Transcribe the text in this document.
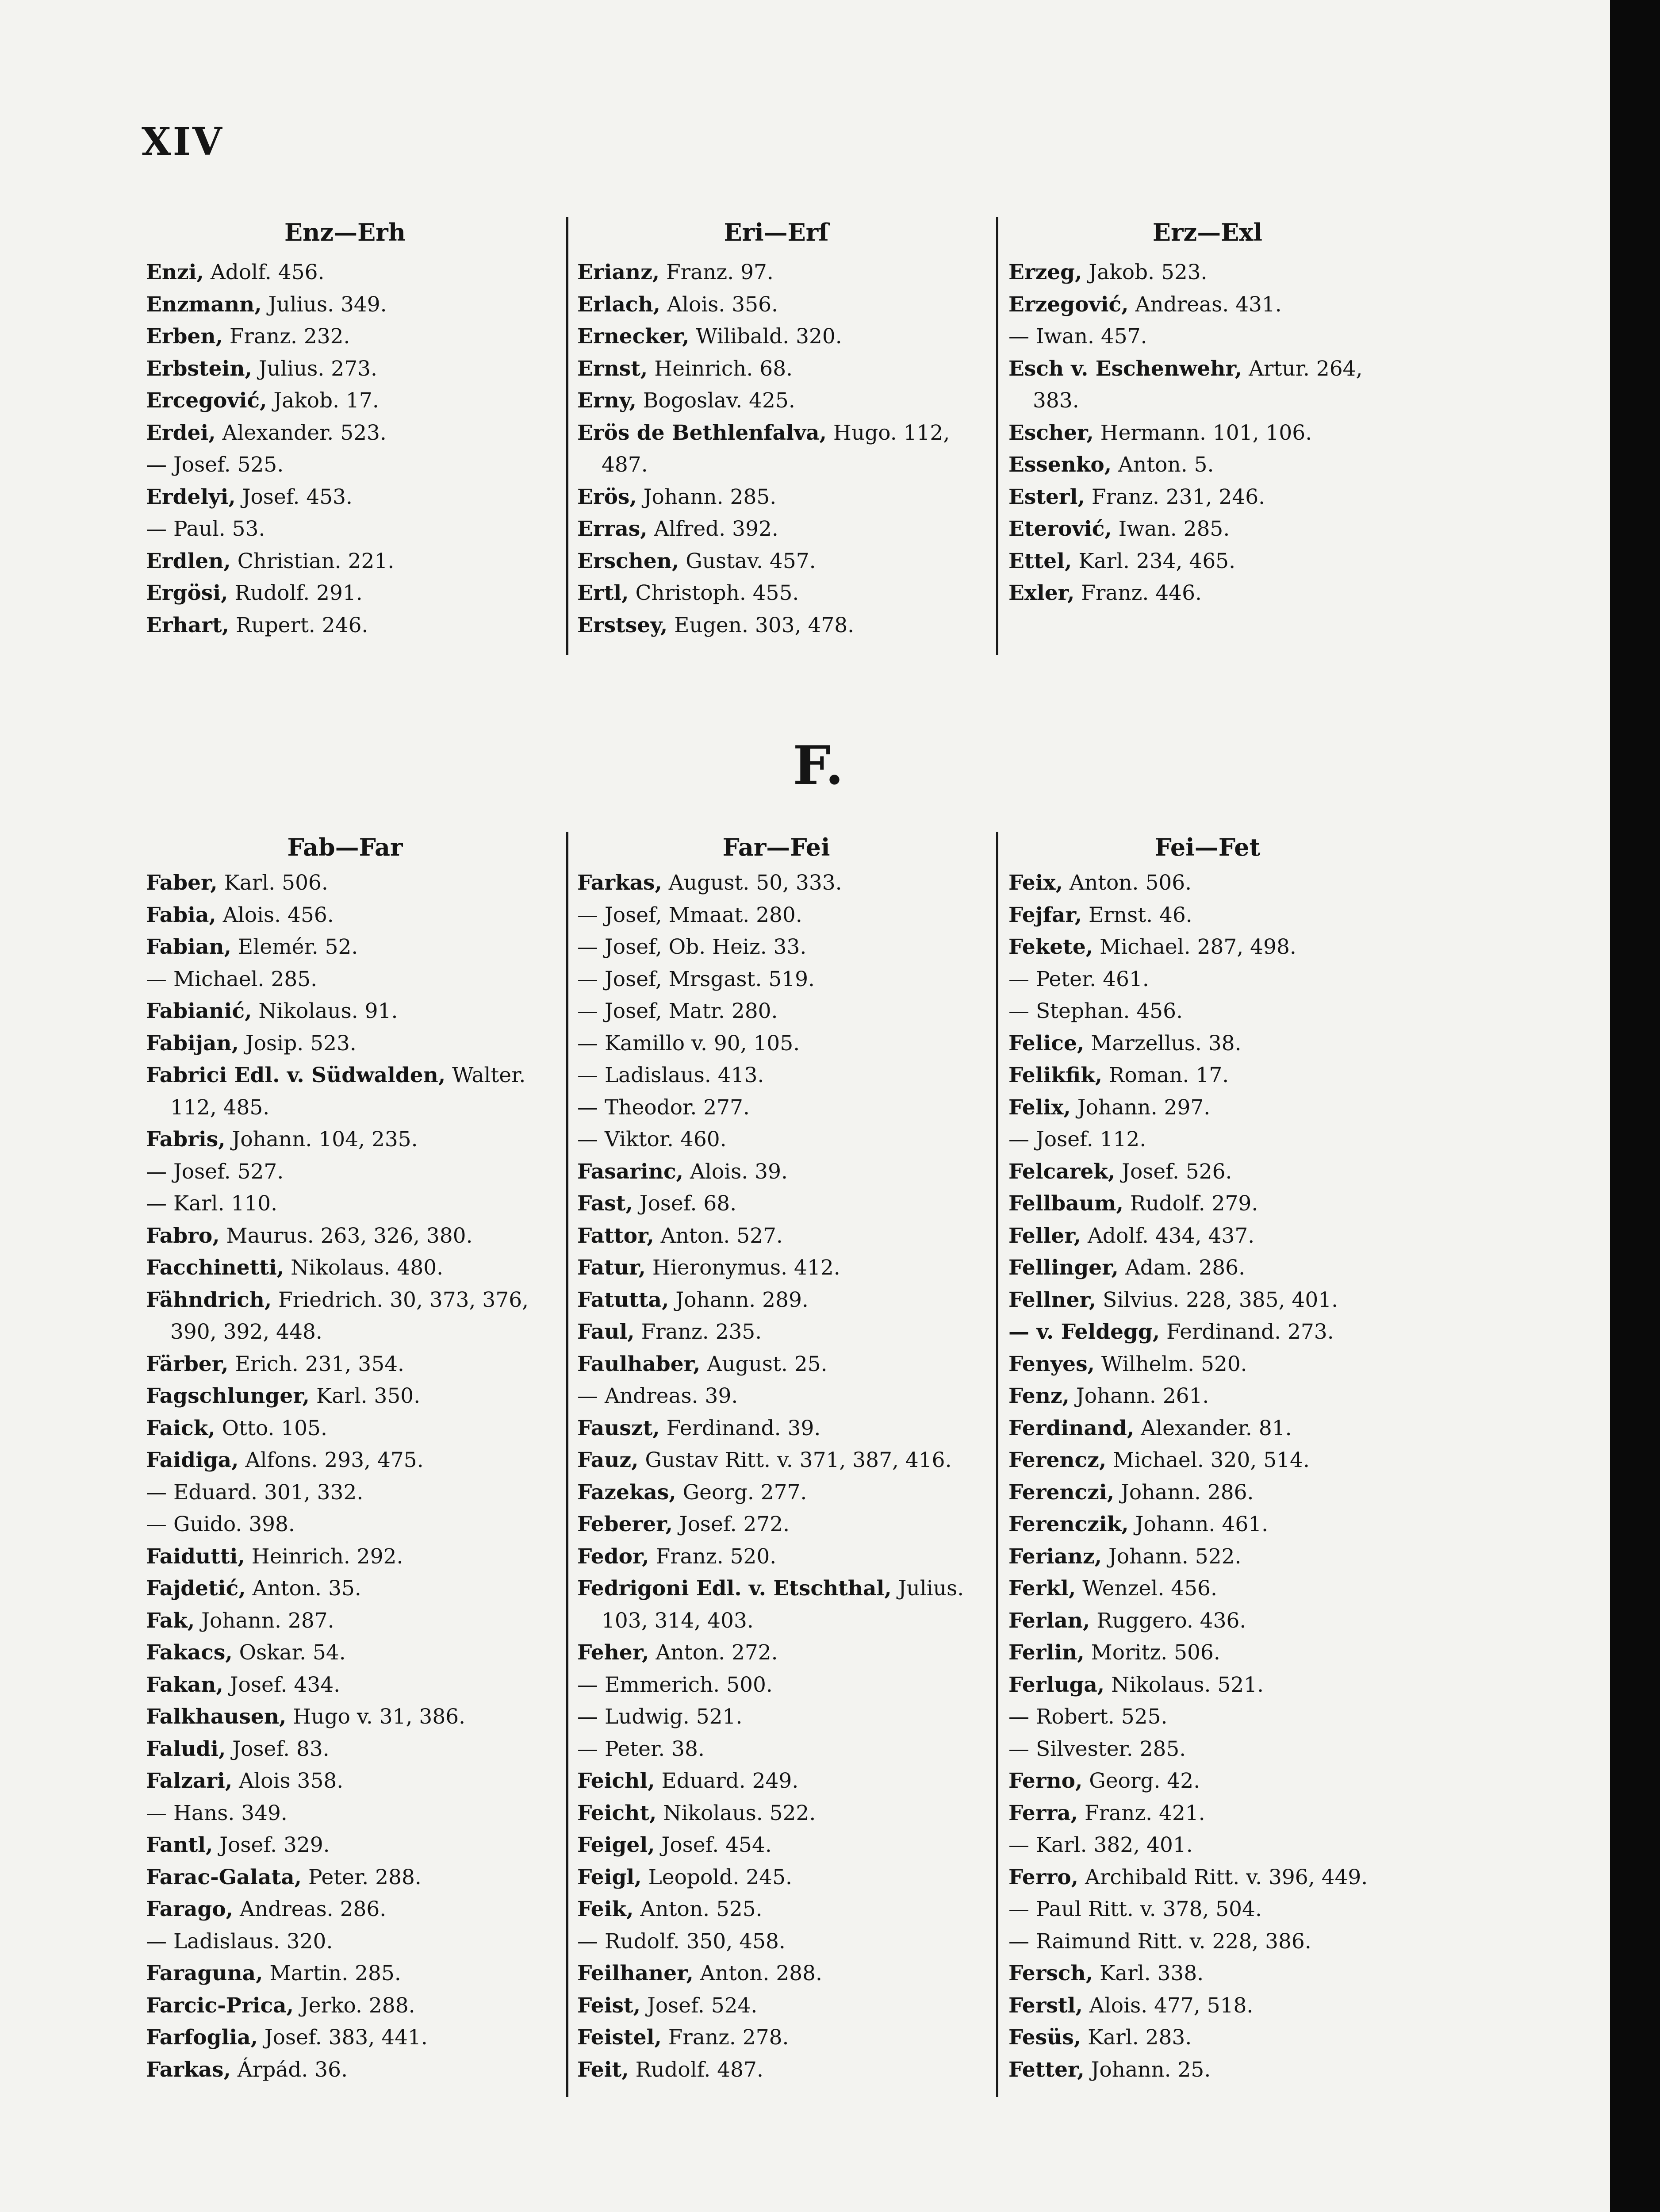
XIV
Enz—Erh
Enzi, Adolf. 456.
Enzmann, Julius. 349.
Erben, Franz. 232.
Erbstein, Julius. 273.
Ercegović, Jakob. 17.
Erdei, Alexander. 523.
— Josef. 525.
Erdelyi, Josef. 453.
— Paul. 53.
Erdlen, Christian. 221.
Ergösi, Rudolf. 291.
Erhart, Rupert. 246.
Eri—Erſ
Erianz, Franz. 97.
Erlach, Alois. 356.
Ernecker, Wilibald. 320.
Ernst, Heinrich. 68.
Erny, Bogoslav. 425.
Erös de Bethlenfalva, Hugo. 112, 487.
Erös, Johann. 285.
Erras, Alfred. 392.
Erschen, Gustav. 457.
Ertl, Christoph. 455.
Erstsey, Eugen. 303, 478.
Erz—Exl
Erzeg, Jakob. 523.
Erzegović, Andreas. 431.
— Iwan. 457.
Esch v. Eschenwehr, Artur. 264, 383.
Escher, Hermann. 101, 106.
Essenko, Anton. 5.
Esterl, Franz. 231, 246.
Eterović, Iwan. 285.
Ettel, Karl. 234, 465.
Exler, Franz. 446.
F.
Fab—Far
Faber, Karl. 506.
Fabia, Alois. 456.
Fabian, Elemér. 52.
— Michael. 285.
Fabianić, Nikolaus. 91.
Fabijan, Josip. 523.
Fabrici Edl. v. Südwalden, Walter. 112, 485.
Fabris, Johann. 104, 235.
— Josef. 527.
— Karl. 110.
Fabro, Maurus. 263, 326, 380.
Facchinetti, Nikolaus. 480.
Fähndrich, Friedrich. 30, 373, 376, 390, 392, 448.
Färber, Erich. 231, 354.
Fagschlunger, Karl. 350.
Faick, Otto. 105.
Faidiga, Alfons. 293, 475.
— Eduard. 301, 332.
— Guido. 398.
Faidutti, Heinrich. 292.
Fajdetić, Anton. 35.
Fak, Johann. 287.
Fakacs, Oskar. 54.
Fakan, Josef. 434.
Falkhausen, Hugo v. 31, 386.
Faludi, Josef. 83.
Falzari, Alois 358.
— Hans. 349.
Fantl, Josef. 329.
Farac-Galata, Peter. 288.
Farago, Andreas. 286.
— Ladislaus. 320.
Faraguna, Martin. 285.
Farcic-Prica, Jerko. 288.
Farfoglia, Josef. 383, 441.
Farkas, Árpád. 36.
Far—Fei
Farkas, August. 50, 333.
— Josef, Mmaat. 280.
— Josef, Ob. Heiz. 33.
— Josef, Mrsgast. 519.
— Josef, Matr. 280.
— Kamillo v. 90, 105.
— Ladislaus. 413.
— Theodor. 277.
— Viktor. 460.
Fasarinc, Alois. 39.
Fast, Josef. 68.
Fattor, Anton. 527.
Fatur, Hieronymus. 412.
Fatutta, Johann. 289.
Faul, Franz. 235.
Faulhaber, August. 25.
— Andreas. 39.
Fauszt, Ferdinand. 39.
Fauz, Gustav Ritt. v. 371, 387, 416.
Fazekas, Georg. 277.
Feberer, Josef. 272.
Fedor, Franz. 520.
Fedrigoni Edl. v. Etschthal, Julius. 103, 314, 403.
Feher, Anton. 272.
— Emmerich. 500.
— Ludwig. 521.
— Peter. 38.
Feichl, Eduard. 249.
Feicht, Nikolaus. 522.
Feigel, Josef. 454.
Feigl, Leopold. 245.
Feik, Anton. 525.
— Rudolf. 350, 458.
Feilhaner, Anton. 288.
Feist, Josef. 524.
Feistel, Franz. 278.
Feit, Rudolf. 487.
Fei—Fet
Feix, Anton. 506.
Fejfar, Ernst. 46.
Fekete, Michael. 287, 498.
— Peter. 461.
— Stephan. 456.
Felice, Marzellus. 38.
Felikfik, Roman. 17.
Felix, Johann. 297.
— Josef. 112.
Felcarek, Josef. 526.
Fellbaum, Rudolf. 279.
Feller, Adolf. 434, 437.
Fellinger, Adam. 286.
Fellner, Silvius. 228, 385, 401.
— v. Feldegg, Ferdinand. 273.
Fenyes, Wilhelm. 520.
Fenz, Johann. 261.
Ferdinand, Alexander. 81.
Ferencz, Michael. 320, 514.
Ferenczi, Johann. 286.
Ferenczik, Johann. 461.
Ferianz, Johann. 522.
Ferkl, Wenzel. 456.
Ferlan, Ruggero. 436.
Ferlin, Moritz. 506.
Ferluga, Nikolaus. 521.
— Robert. 525.
— Silvester. 285.
Ferno, Georg. 42.
Ferra, Franz. 421.
— Karl. 382, 401.
Ferro, Archibald Ritt. v. 396, 449.
— Paul Ritt. v. 378, 504.
— Raimund Ritt. v. 228, 386.
Fersch, Karl. 338.
Ferstl, Alois. 477, 518.
Fesüs, Karl. 283.
Fetter, Johann. 25.
